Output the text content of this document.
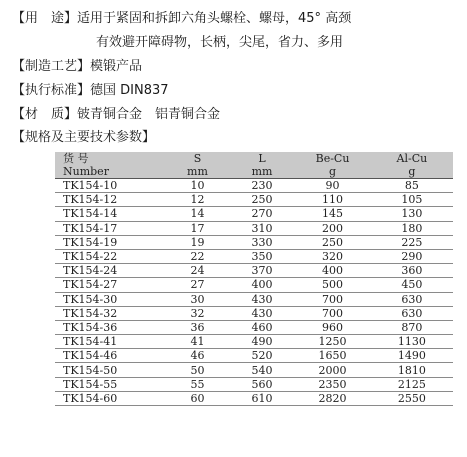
【用　途】适用于紧固和拆卸六角头螺栓、螺母，45° 高颈
有效避开障碍物，长柄，尖尾，省力、多用
【制造工艺】模锻产品
【执行标准】德国 DIN837
【材　质】铍青铜合金　铝青铜合金
【规格及主要技术参数】
货 号	S	L	Be-Cu	Al-Cu
Number	mm	mm	g	g
TK154-10	10	230	90	85
TK154-12	12	250	110	105
TK154-14	14	270	145	130
TK154-17	17	310	200	180
TK154-19	19	330	250	225
TK154-22	22	350	320	290
TK154-24	24	370	400	360
TK154-27	27	400	500	450
TK154-30	30	430	700	630
TK154-32	32	430	700	630
TK154-36	36	460	960	870
TK154-41	41	490	1250	1130
TK154-46	46	520	1650	1490
TK154-50	50	540	2000	1810
TK154-55	55	560	2350	2125
TK154-60	60	610	2820	2550
